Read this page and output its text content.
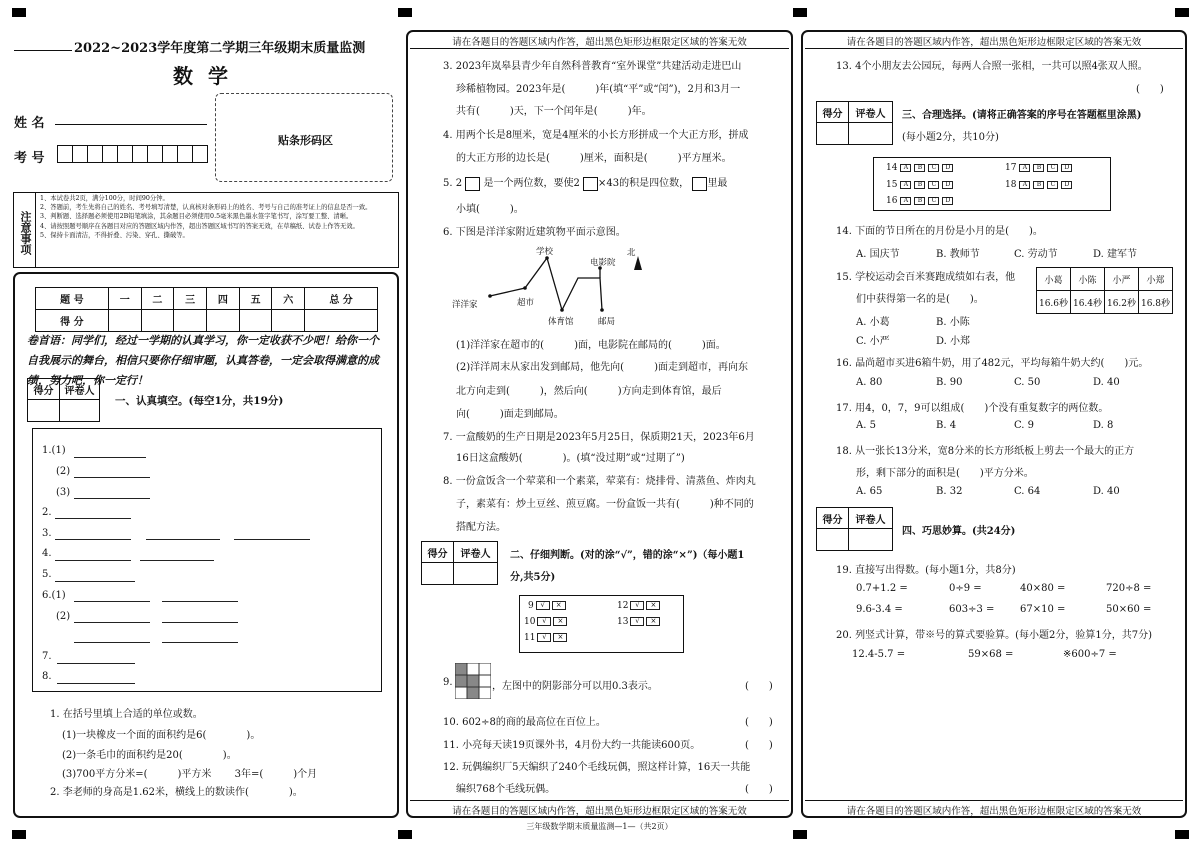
2022~2023学年度第二学期三年级期末质量监测
数 学
姓 名
考 号
贴条形码区
注意事项
1、本试卷共2页，满分100分，时间90分钟。
2、答题前，考生先将自己的姓名、考号填写清楚，认真核对条形码上的姓名、考号与自己的准考证上的信息是否一致。
3、判断题、选择题必须使用2B铅笔填涂，其余题目必须使用0.5毫米黑色墨水签字笔书写，涂写要工整、清晰。
4、请按照题号顺序在各题目对应的答题区域内作答，超出答题区域书写的答案无效，在草稿纸、试卷上作答无效。
5、保持卡面清洁，不得折叠、污染、穿孔、撕破等。
题 号	一	二	三	四	五	六	总 分
得 分							
卷首语：同学们，经过一学期的认真学习，你一定收获不少吧！给你一个自我展示的舞台，相信只要你仔细审题，认真答卷，一定会取得满意的成绩，努力吧，你一定行！
得分	评卷人

一、认真填空。(每空1分，共19分)
1.(1)
(2)
(3)
2.
3.
4.
5.
6.(1)
(2)
7.
8.
1. 在括号里填上合适的单位或数。
(1)一块橡皮一个面的面积约是6(　　　　)。
(2)一条毛巾的面积约是20(　　　　)。
(3)700平方分米=(　　　)平方米　　 3年=(　　　)个月
2. 李老师的身高是1.62米，横线上的数读作(　　　　)。
请在各题目的答题区域内作答，超出黑色矩形边框限定区域的答案无效
3. 2023年岚皋县青少年自然科普教育“室外课堂”共建活动走进巴山
珍稀植物园。2023年是(　　　)年(填“平”或“闰”)，2月和3月一
共有(　　　)天，下一个闰年是(　　　)年。
4. 用两个长是8厘米，宽是4厘米的小长方形拼成一个大正方形，拼成
的大正方形的边长是(　　　)厘米，面积是(　　　)平方厘米。
5. 2 是一个两位数，要使2 ×43的积是四位数， 里最
小填(　　　)。
6. 下图是洋洋家附近建筑物平面示意图。
洋洋家	超市
学校
体育馆	邮局
电影院
北
(1)洋洋家在超市的(　　　)面，电影院在邮局的(　　　)面。
(2)洋洋周末从家出发到邮局，他先向(　　　)面走到超市，再向东
北方向走到(　　　)，然后向(　　　)方向走到体育馆，最后
向(　　　)面走到邮局。
7. 一盒酸奶的生产日期是2023年5月25日，保质期21天，2023年6月
16日这盒酸奶(　　　　)。(填“没过期”或“过期了”)
8. 一份盒饭含一个荤菜和一个素菜，荤菜有：烧排骨、清蒸鱼、炸肉丸
子，素菜有：炒土豆丝、煎豆腐。一份盒饭一共有(　　　)种不同的
搭配方法。
得分	评卷人
	二、仔细判断。(对的涂“√”，错的涂“×”)（每小题1
分,共5分)
9 √ ×
10 √ ×
11 √ ×
12 √ ×
13 √ ×
9.	，左图中的阴影部分可以用0.3表示。	(　　)
10. 602÷8的商的最高位在百位上。	(　　)
11. 小亮每天读19页课外书，4月份大约一共能读600页。	(　　)
12. 玩偶编织厂5天编织了240个毛线玩偶，照这样计算，16天一共能
编织768个毛线玩偶。	(　　)
请在各题目的答题区域内作答，超出黑色矩形边框限定区域的答案无效
三年级数学期末质量监测—1—（共2页）
请在各题目的答题区域内作答，超出黑色矩形边框限定区域的答案无效
13. 4个小朋友去公园玩，每两人合照一张相，一共可以照4张双人照。
(　　)
得分	评卷人
	三、合理选择。(请将正确答案的序号在答题框里涂黑)
(每小题2分，共10分)
14 A B C D
15 A B C D
16 A B C D
17 A B C D
18 A B C D
14. 下面的节日所在的月份是小月的是(　　)。
A. 国庆节	B. 教师节	C. 劳动节	D. 建军节
15. 学校运动会百米赛跑成绩如右表，他
们中获得第一名的是(　　)。
小葛	小陈	小严	小郑
16.6秒	16.4秒	16.2秒	16.8秒
A. 小葛	B. 小陈
C. 小严	D. 小郑
16. 晶尚超市买进6箱牛奶，用了482元，平均每箱牛奶大约(　　)元。
A. 80	B. 90	C. 50	D. 40
17. 用4，0，7，9可以组成(　　)个没有重复数字的两位数。
A. 5	B. 4	C. 9	D. 8
18. 从一张长13分米，宽8分米的长方形纸板上剪去一个最大的正方
形，剩下部分的面积是(　　)平方分米。
A. 65	B. 32	C. 64	D. 40
得分	评卷人

四、巧思妙算。(共24分)
19. 直接写出得数。(每小题1分，共8分)
0.7+1.2 =	0÷9 =	40×80 =	720÷8 =
9.6-3.4 =	603÷3 =	67×10 =	50×60 =
20. 列竖式计算，带※号的算式要验算。(每小题2分，验算1分，共7分)
12.4-5.7 =	59×68 =	※600÷7 =
请在各题目的答题区域内作答，超出黑色矩形边框限定区域的答案无效
